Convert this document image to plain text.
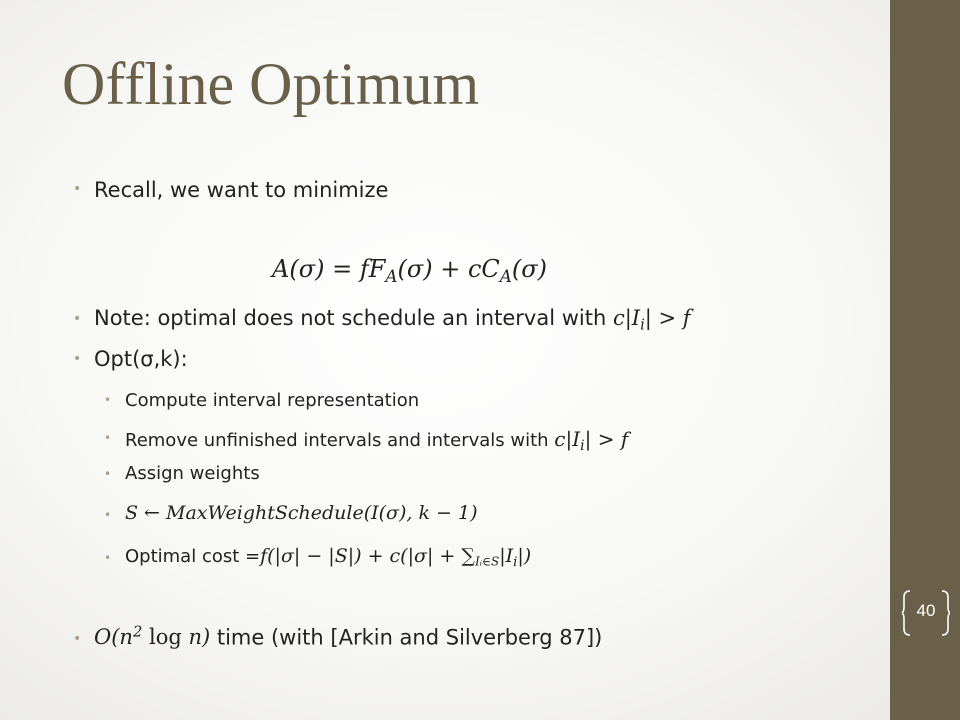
Offline Optimum
• Recall, we want to minimize
$A(\sigma) = fF_A(\sigma) + cC_A(\sigma)$
• Note: optimal does not schedule an interval with $c|I_i| > f$
• Opt(σ,k):
• Compute interval representation
• Remove unfinished intervals and intervals with $c|I_i| > f$
• Assign weights
• S ← MaxWeightSchedule(I(σ), k − 1)
• Optimal $\cos t =f(|\sigma| - |S|) + c(|\sigma| + \sum_{Iᵢ\in S}|I_i|)$
• $O(n^2$ log n) time (with [Arkin and Silverberg 87])
40
